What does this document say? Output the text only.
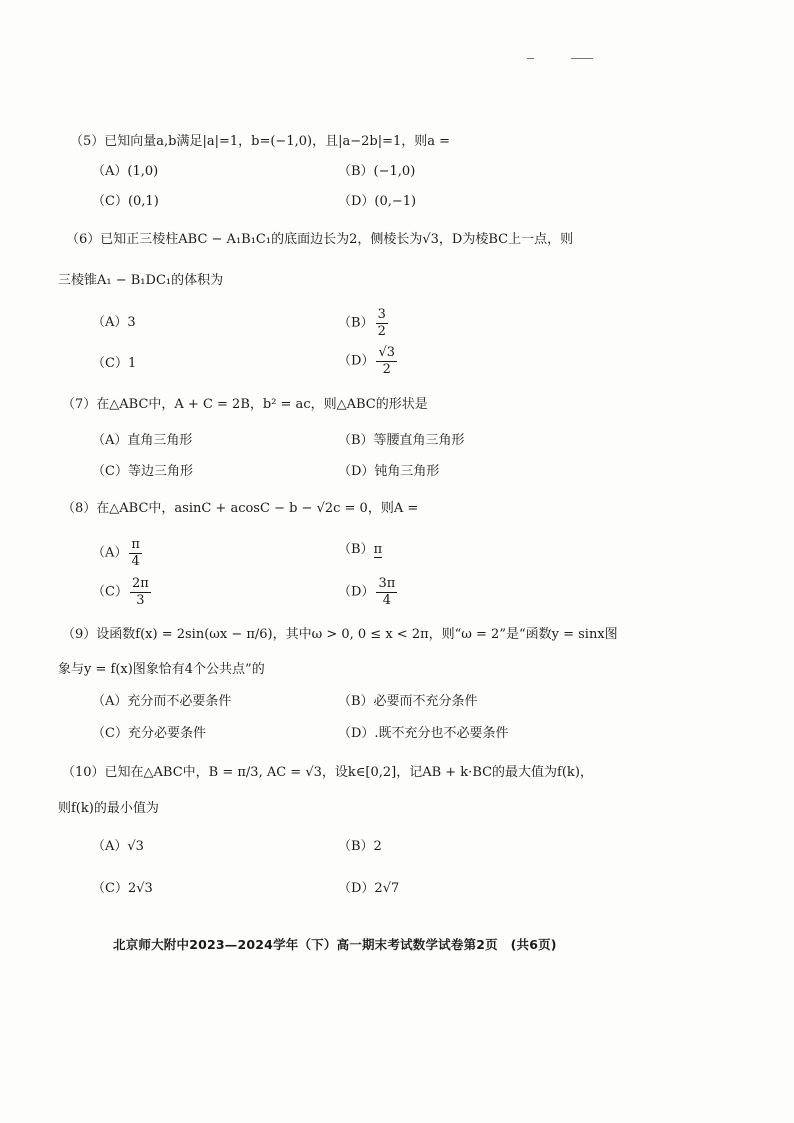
（5）已知向量a,b满足|a|=1，b=(−1,0)，且|a−2b|=1，则a =
（A）(1,0)	（B）(−1,0)
（C）(0,1)	（D）(0,−1)
（6）已知正三棱柱ABC − A₁B₁C₁的底面边长为2，侧棱长为√3，D为棱BC上一点，则
三棱锥A₁ − B₁DC₁的体积为
（A）3	$(B) \frac{3}{2}$
（C）1	$(D) \frac{√3}{2}$
（7）在△ABC中，A + C = 2B，b² = ac，则△ABC的形状是
（A）直角三角形	（B）等腰直角三角形
（C）等边三角形	（D）钝角三角形
（8）在△ABC中，asinC + acosC − b − √2c = 0，则A =
$(A) \frac{\pi}{4}$	（B）π
$(C) \frac{2\pi}{3}$	$(D) \frac{3\pi}{4}$
（9）设函数f(x) = 2sin(ωx − π/6)，其中ω > 0, 0 ≤ x < 2π，则“ω = 2”是“函数y = sinx图
象与y = f(x)图象恰有4个公共点”的
（A）充分而不必要条件	（B）必要而不充分条件
（C）充分必要条件	（D）.既不充分也不必要条件
（10）已知在△ABC中，B = π/3, AC = √3，设k∈[0,2]，记AB + k·BC的最大值为f(k)，
则f(k)的最小值为
（A）√3	（B）2
（C）2√3	（D）2√7
北京师大附中2023—2024学年（下）高一期末考试数学试卷第2页　(共6页)
